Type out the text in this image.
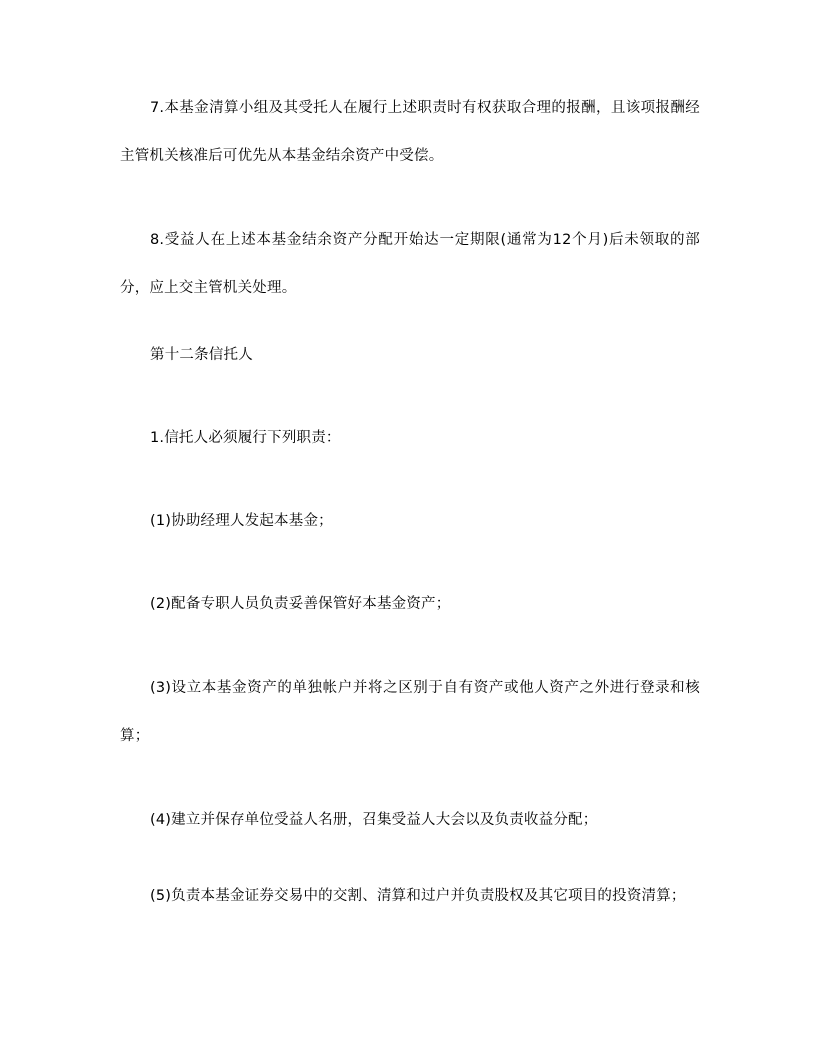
7.本基金清算小组及其受托人在履行上述职责时有权获取合理的报酬，且该项报酬经主管机关核准后可优先从本基金结余资产中受偿。

8.受益人在上述本基金结余资产分配开始达一定期限(通常为12个月)后未领取的部分，应上交主管机关处理。

第十二条信托人

1.信托人必须履行下列职责：

(1)协助经理人发起本基金；

(2)配备专职人员负责妥善保管好本基金资产；

(3)设立本基金资产的单独帐户并将之区别于自有资产或他人资产之外进行登录和核算；

(4)建立并保存单位受益人名册，召集受益人大会以及负责收益分配；

(5)负责本基金证券交易中的交割、清算和过户并负责股权及其它项目的投资清算；
